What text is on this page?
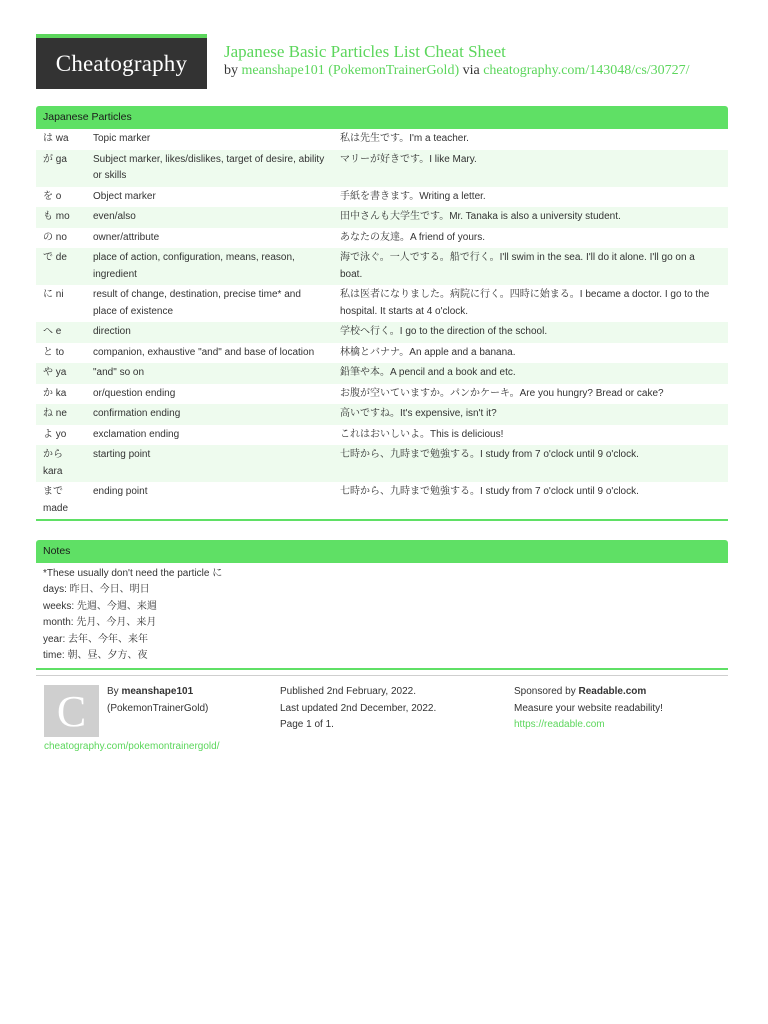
Cheatography Japanese Basic Particles List Cheat Sheet
by meanshape101 (PokemonTrainerGold) via cheatography.com/143048/cs/30727/
Japanese Particles
は wa	Topic marker	私は先生です。I'm a teacher.
が ga	Subject marker, likes/dislikes, target of desire, ability or skills	マリーが好きです。I like Mary.
を o	Object marker	手紙を書きます。Writing a letter.
も mo	even/also	田中さんも大学生です。Mr. Tanaka is also a university student.
の no	owner/attribute	あなたの友達。A friend of yours.
で de	place of action, configuration, means, reason, ingredient	海で泳ぐ。一人でする。船で行く。I'll swim in the sea. I'll do it alone. I'll go on a boat.
に ni	result of change, destination, precise time* and place of existence	私は医者になりました。病院に行く。四時に始まる。I became a doctor. I go to the hospital. It starts at 4 o'clock.
へ e	direction	学校へ行く。I go to the direction of the school.
と to	companion, exhaustive "and" and base of location	林檎とバナナ。An apple and a banana.
や ya	"and" so on	鉛筆や本。A pencil and a book and etc.
か ka	or/question ending	お腹が空いていますか。パンかケーキ。Are you hungry? Bread or cake?
ね ne	confirmation ending	高いですね。It's expensive, isn't it?
よ yo	exclamation ending	これはおいしいよ。This is delicious!
から kara	starting point	七時から、九時まで勉強する。I study from 7 o'clock until 9 o'clock.
まで made	ending point	七時から、九時まで勉強する。I study from 7 o'clock until 9 o'clock.
Notes
*These usually don't need the particle に
days: 昨日、今日、明日
weeks: 先週、今週、来週
month: 先月、今月、来月
year: 去年、今年、来年
time: 朝、昼、夕方、夜
C By meanshape101
(PokemonTrainerGold)
Published 2nd February, 2022.
Last updated 2nd December, 2022.
Page 1 of 1.
Sponsored by Readable.com
Measure your website readability!
https://readable.com
cheatography.com/pokemontrainergold/
